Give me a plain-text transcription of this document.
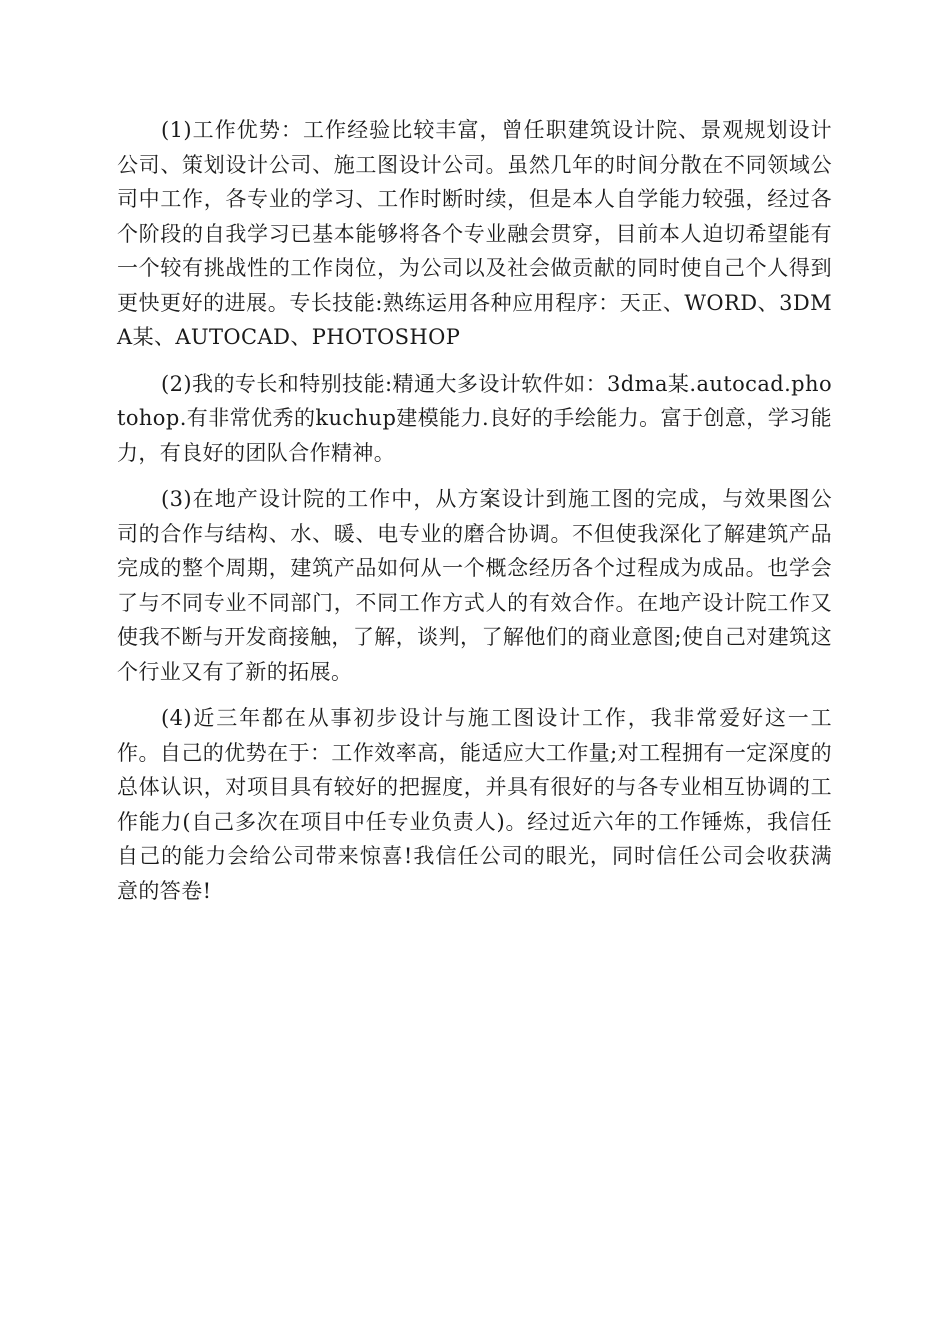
(1)工作优势：工作经验比较丰富，曾任职建筑设计院、景观规划设计公司、策划设计公司、施工图设计公司。虽然几年的时间分散在不同领域公司中工作，各专业的学习、工作时断时续，但是本人自学能力较强，经过各个阶段的自我学习已基本能够将各个专业融会贯穿，目前本人迫切希望能有一个较有挑战性的工作岗位，为公司以及社会做贡献的同时使自己个人得到更快更好的进展。专长技能:熟练运用各种应用程序：天正、WORD、3DMA某、AUTOCAD、PHOTOSHOP

(2)我的专长和特别技能:精通大多设计软件如：3dma某.autocad.photohop.有非常优秀的kuchup建模能力.良好的手绘能力。富于创意，学习能力，有良好的团队合作精神。

(3)在地产设计院的工作中，从方案设计到施工图的完成，与效果图公司的合作与结构、水、暖、电专业的磨合协调。不但使我深化了解建筑产品完成的整个周期，建筑产品如何从一个概念经历各个过程成为成品。也学会了与不同专业不同部门，不同工作方式人的有效合作。在地产设计院工作又使我不断与开发商接触，了解，谈判，了解他们的商业意图;使自己对建筑这个行业又有了新的拓展。

(4)近三年都在从事初步设计与施工图设计工作，我非常爱好这一工作。自己的优势在于：工作效率高，能适应大工作量;对工程拥有一定深度的总体认识，对项目具有较好的把握度，并具有很好的与各专业相互协调的工作能力(自己多次在项目中任专业负责人)。经过近六年的工作锤炼，我信任自己的能力会给公司带来惊喜!我信任公司的眼光，同时信任公司会收获满意的答卷!
